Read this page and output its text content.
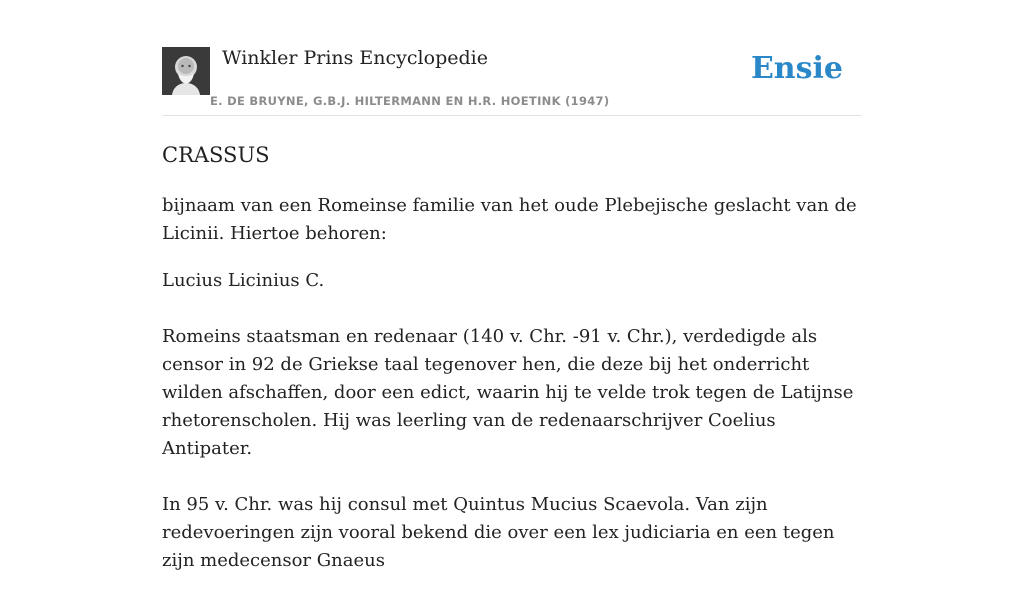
Winkler Prins Encyclopedie
E. DE BRUYNE, G.B.J. HILTERMANN EN H.R. HOETINK (1947)
Ensie
CRASSUS

bijnaam van een Romeinse familie van het oude Plebejische geslacht van de Licinii. Hiertoe behoren:

Lucius Licinius C.

Romeins staatsman en redenaar (140 v. Chr. -91 v. Chr.), verdedigde als censor in 92 de Griekse taal tegenover hen, die deze bij het onderricht wilden afschaffen, door een edict, waarin hij te velde trok tegen de Latijnse rhetorenscholen. Hij was leerling van de redenaarschrijver Coelius Antipater.

In 95 v. Chr. was hij consul met Quintus Mucius Scaevola. Van zijn redevoeringen zijn vooral bekend die over een lex judiciaria en een tegen zijn medecensor Gnaeus
